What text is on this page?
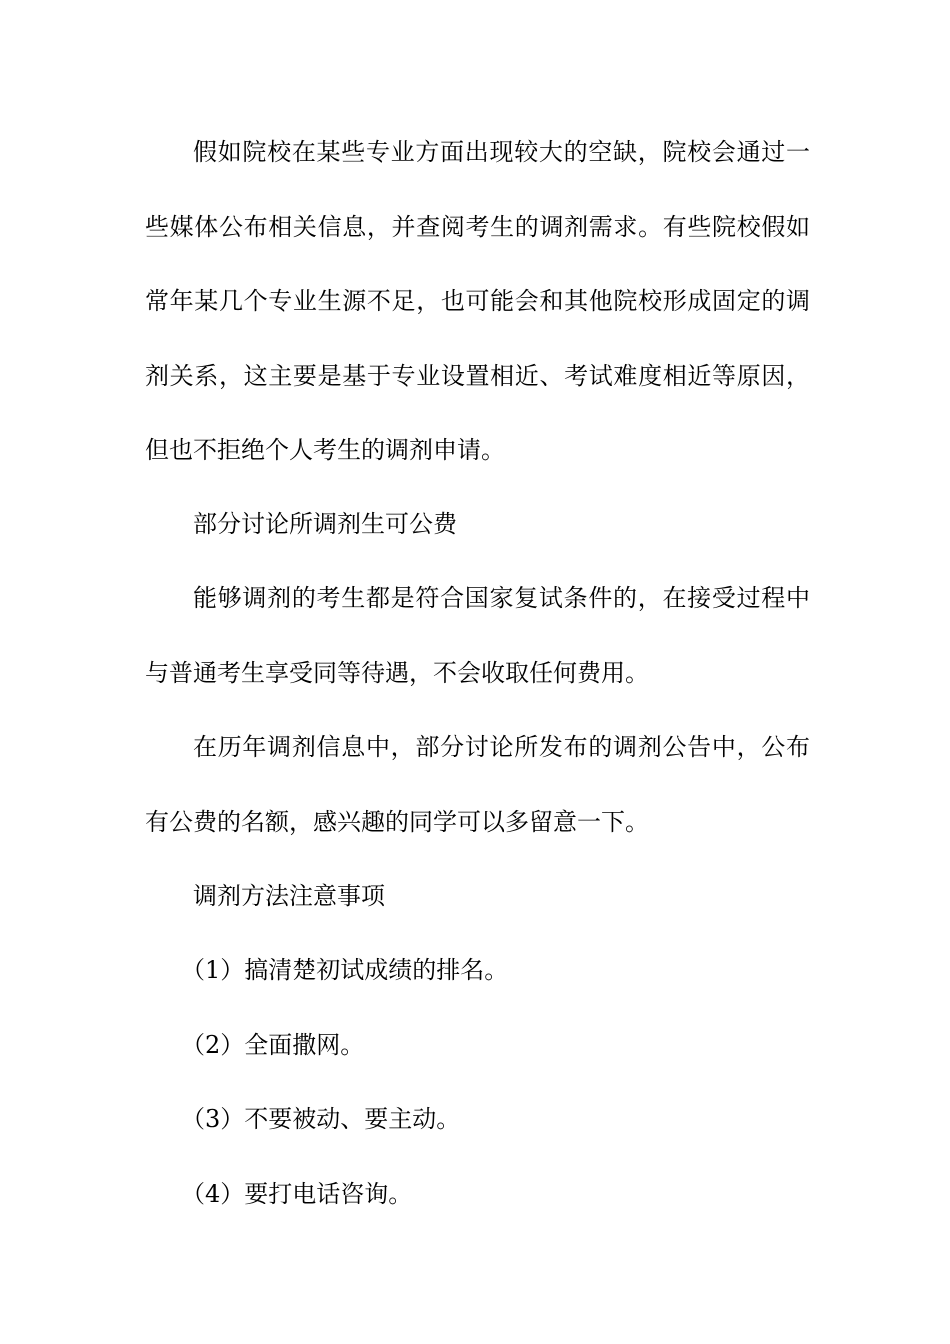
假如院校在某些专业方面出现较大的空缺，院校会通过一些媒体公布相关信息，并查阅考生的调剂需求。有些院校假如常年某几个专业生源不足，也可能会和其他院校形成固定的调剂关系，这主要是基于专业设置相近、考试难度相近等原因，但也不拒绝个人考生的调剂申请。

部分讨论所调剂生可公费

能够调剂的考生都是符合国家复试条件的，在接受过程中与普通考生享受同等待遇，不会收取任何费用。

在历年调剂信息中，部分讨论所发布的调剂公告中，公布有公费的名额，感兴趣的同学可以多留意一下。

调剂方法注意事项

（1）搞清楚初试成绩的排名。

（2）全面撒网。

（3）不要被动、要主动。

（4）要打电话咨询。
